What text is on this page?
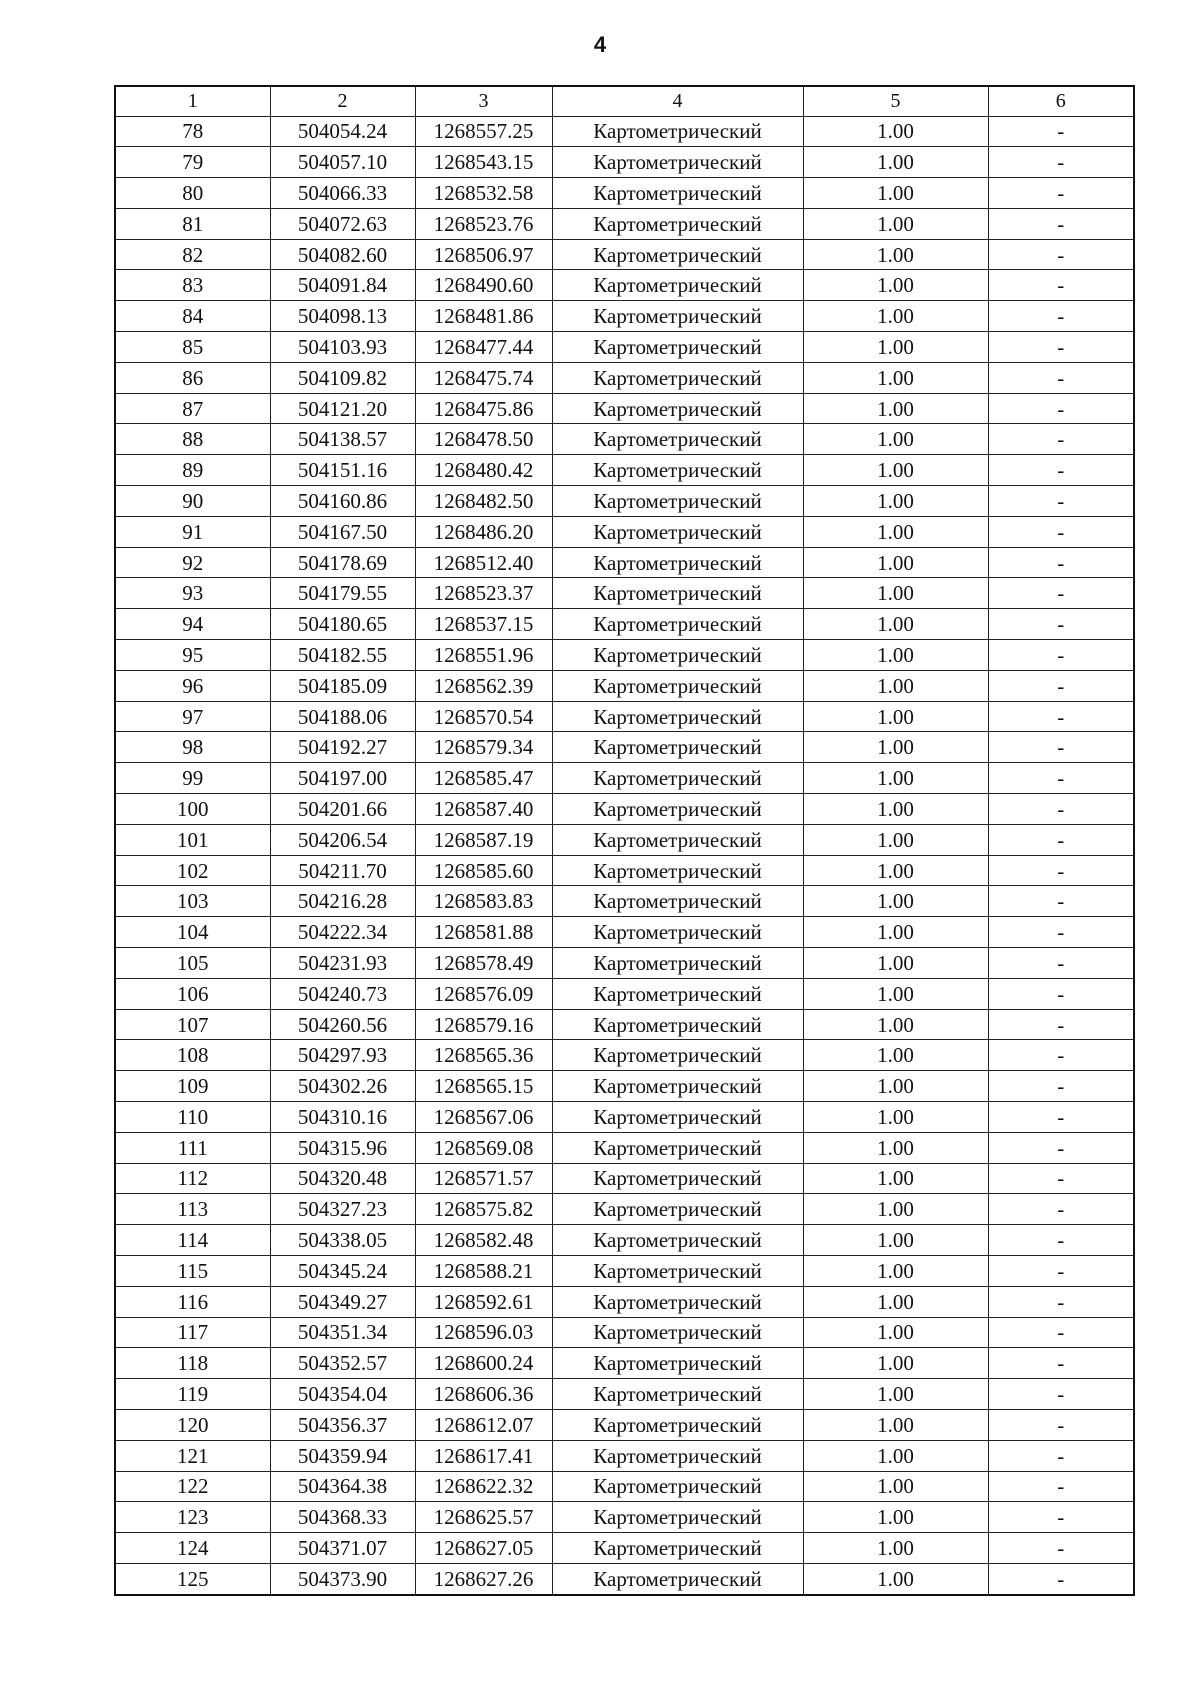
4
1	2	3	4	5	6
78	504054.24	1268557.25	Картометрический	1.00	-
79	504057.10	1268543.15	Картометрический	1.00	-
80	504066.33	1268532.58	Картометрический	1.00	-
81	504072.63	1268523.76	Картометрический	1.00	-
82	504082.60	1268506.97	Картометрический	1.00	-
83	504091.84	1268490.60	Картометрический	1.00	-
84	504098.13	1268481.86	Картометрический	1.00	-
85	504103.93	1268477.44	Картометрический	1.00	-
86	504109.82	1268475.74	Картометрический	1.00	-
87	504121.20	1268475.86	Картометрический	1.00	-
88	504138.57	1268478.50	Картометрический	1.00	-
89	504151.16	1268480.42	Картометрический	1.00	-
90	504160.86	1268482.50	Картометрический	1.00	-
91	504167.50	1268486.20	Картометрический	1.00	-
92	504178.69	1268512.40	Картометрический	1.00	-
93	504179.55	1268523.37	Картометрический	1.00	-
94	504180.65	1268537.15	Картометрический	1.00	-
95	504182.55	1268551.96	Картометрический	1.00	-
96	504185.09	1268562.39	Картометрический	1.00	-
97	504188.06	1268570.54	Картометрический	1.00	-
98	504192.27	1268579.34	Картометрический	1.00	-
99	504197.00	1268585.47	Картометрический	1.00	-
100	504201.66	1268587.40	Картометрический	1.00	-
101	504206.54	1268587.19	Картометрический	1.00	-
102	504211.70	1268585.60	Картометрический	1.00	-
103	504216.28	1268583.83	Картометрический	1.00	-
104	504222.34	1268581.88	Картометрический	1.00	-
105	504231.93	1268578.49	Картометрический	1.00	-
106	504240.73	1268576.09	Картометрический	1.00	-
107	504260.56	1268579.16	Картометрический	1.00	-
108	504297.93	1268565.36	Картометрический	1.00	-
109	504302.26	1268565.15	Картометрический	1.00	-
110	504310.16	1268567.06	Картометрический	1.00	-
111	504315.96	1268569.08	Картометрический	1.00	-
112	504320.48	1268571.57	Картометрический	1.00	-
113	504327.23	1268575.82	Картометрический	1.00	-
114	504338.05	1268582.48	Картометрический	1.00	-
115	504345.24	1268588.21	Картометрический	1.00	-
116	504349.27	1268592.61	Картометрический	1.00	-
117	504351.34	1268596.03	Картометрический	1.00	-
118	504352.57	1268600.24	Картометрический	1.00	-
119	504354.04	1268606.36	Картометрический	1.00	-
120	504356.37	1268612.07	Картометрический	1.00	-
121	504359.94	1268617.41	Картометрический	1.00	-
122	504364.38	1268622.32	Картометрический	1.00	-
123	504368.33	1268625.57	Картометрический	1.00	-
124	504371.07	1268627.05	Картометрический	1.00	-
125	504373.90	1268627.26	Картометрический	1.00	-
